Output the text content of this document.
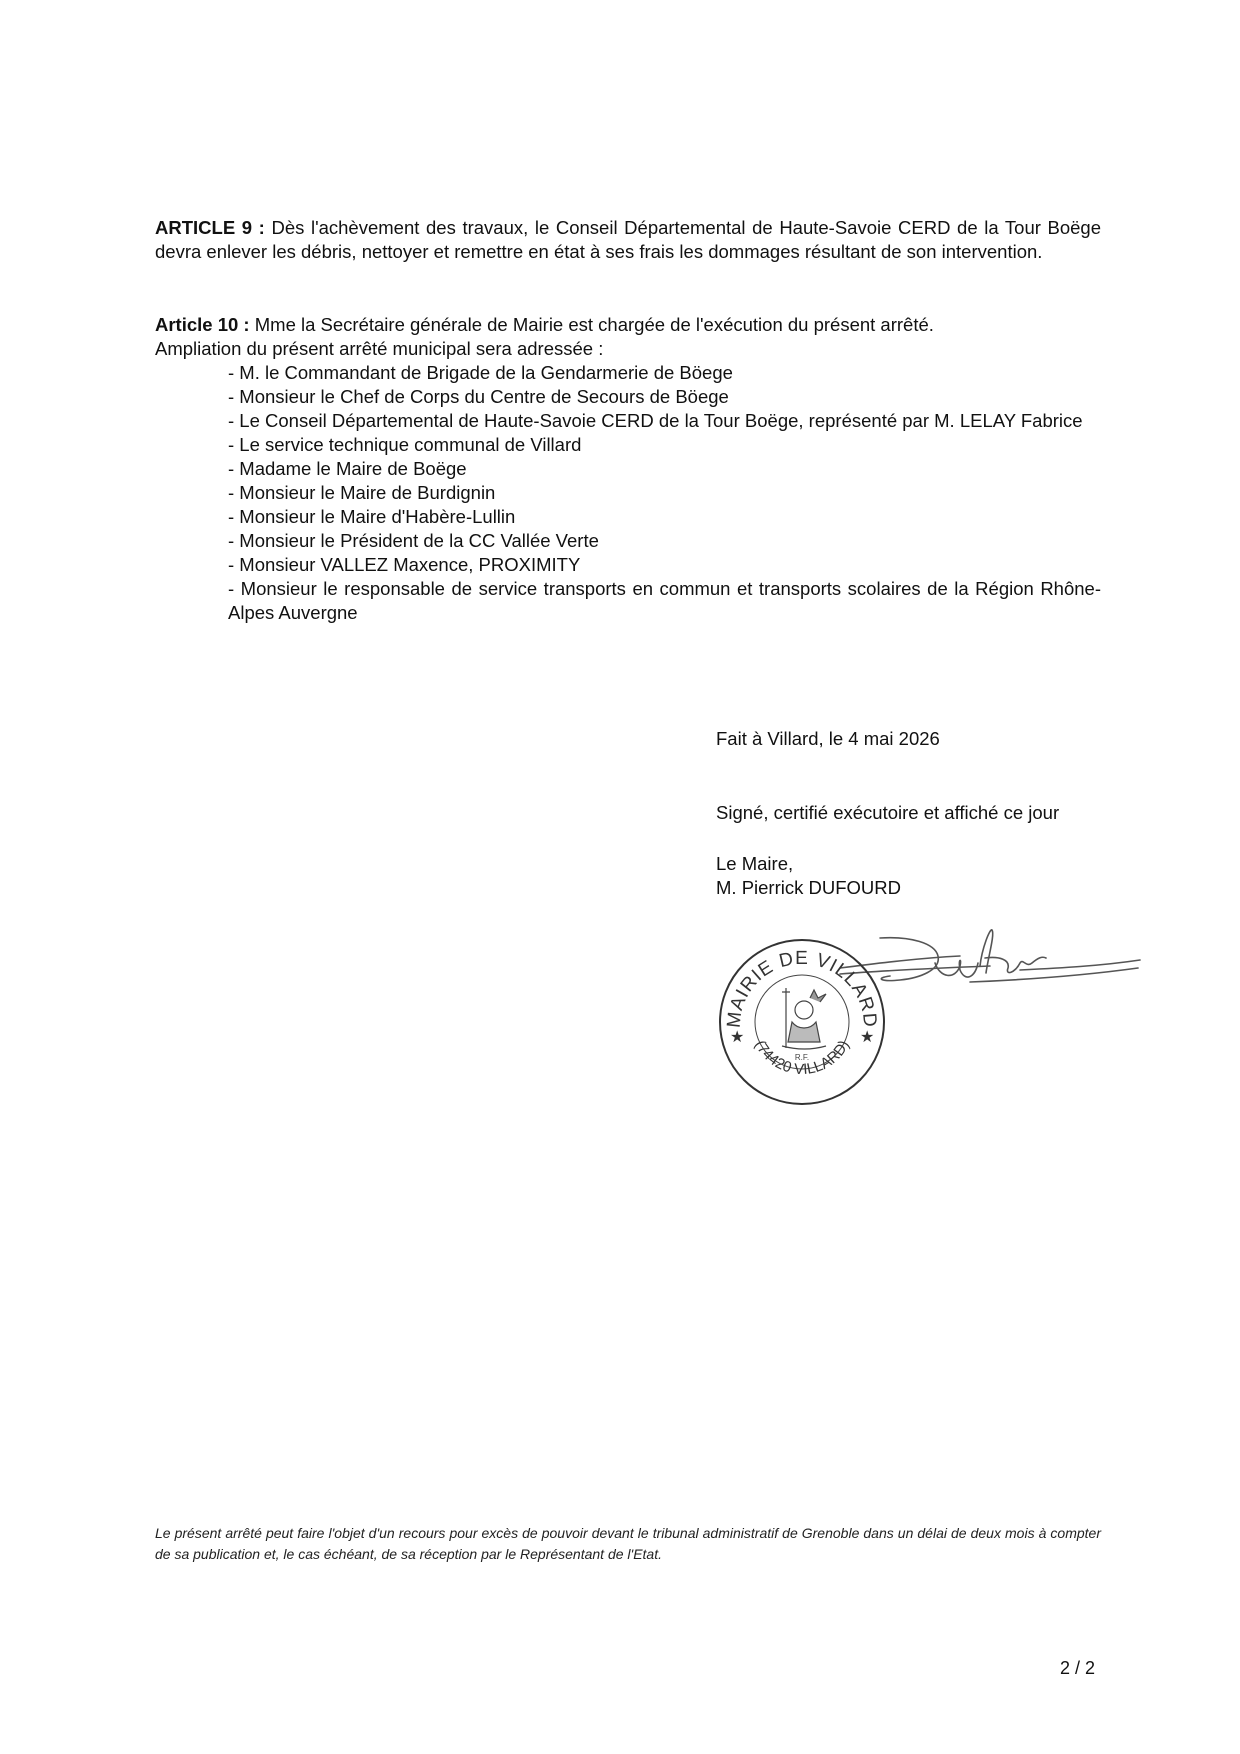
ARTICLE 9 : Dès l'achèvement des travaux, le Conseil Départemental de Haute-Savoie CERD de la Tour Boëge devra enlever les débris, nettoyer et remettre en état à ses frais les dommages résultant de son intervention.
Article 10 : Mme la Secrétaire générale de Mairie est chargée de l'exécution du présent arrêté.
Ampliation du présent arrêté municipal sera adressée :
- M. le Commandant de Brigade de la Gendarmerie de Böege
- Monsieur le Chef de Corps du Centre de Secours de Böege
- Le Conseil Départemental de Haute-Savoie CERD de la Tour Boëge, représenté par M. LELAY Fabrice
- Le service technique communal de Villard
- Madame le Maire de Boëge
- Monsieur le Maire de Burdignin
- Monsieur le Maire d'Habère-Lullin
- Monsieur le Président de la CC Vallée Verte
- Monsieur VALLEZ Maxence, PROXIMITY
- Monsieur le responsable de service transports en commun et transports scolaires de la Région Rhône-Alpes Auvergne
Fait à Villard, le 4 mai 2026
Signé, certifié exécutoire et affiché ce jour
Le Maire,
M. Pierrick DUFOURD
MAIRIE DE VILLARD
(74420 VILLARD)
★	★
R.F.
Le présent arrêté peut faire l'objet d'un recours pour excès de pouvoir devant le tribunal administratif de Grenoble dans un délai de deux mois à compter de sa publication et, le cas échéant, de sa réception par le Représentant de l'Etat.
2 / 2
